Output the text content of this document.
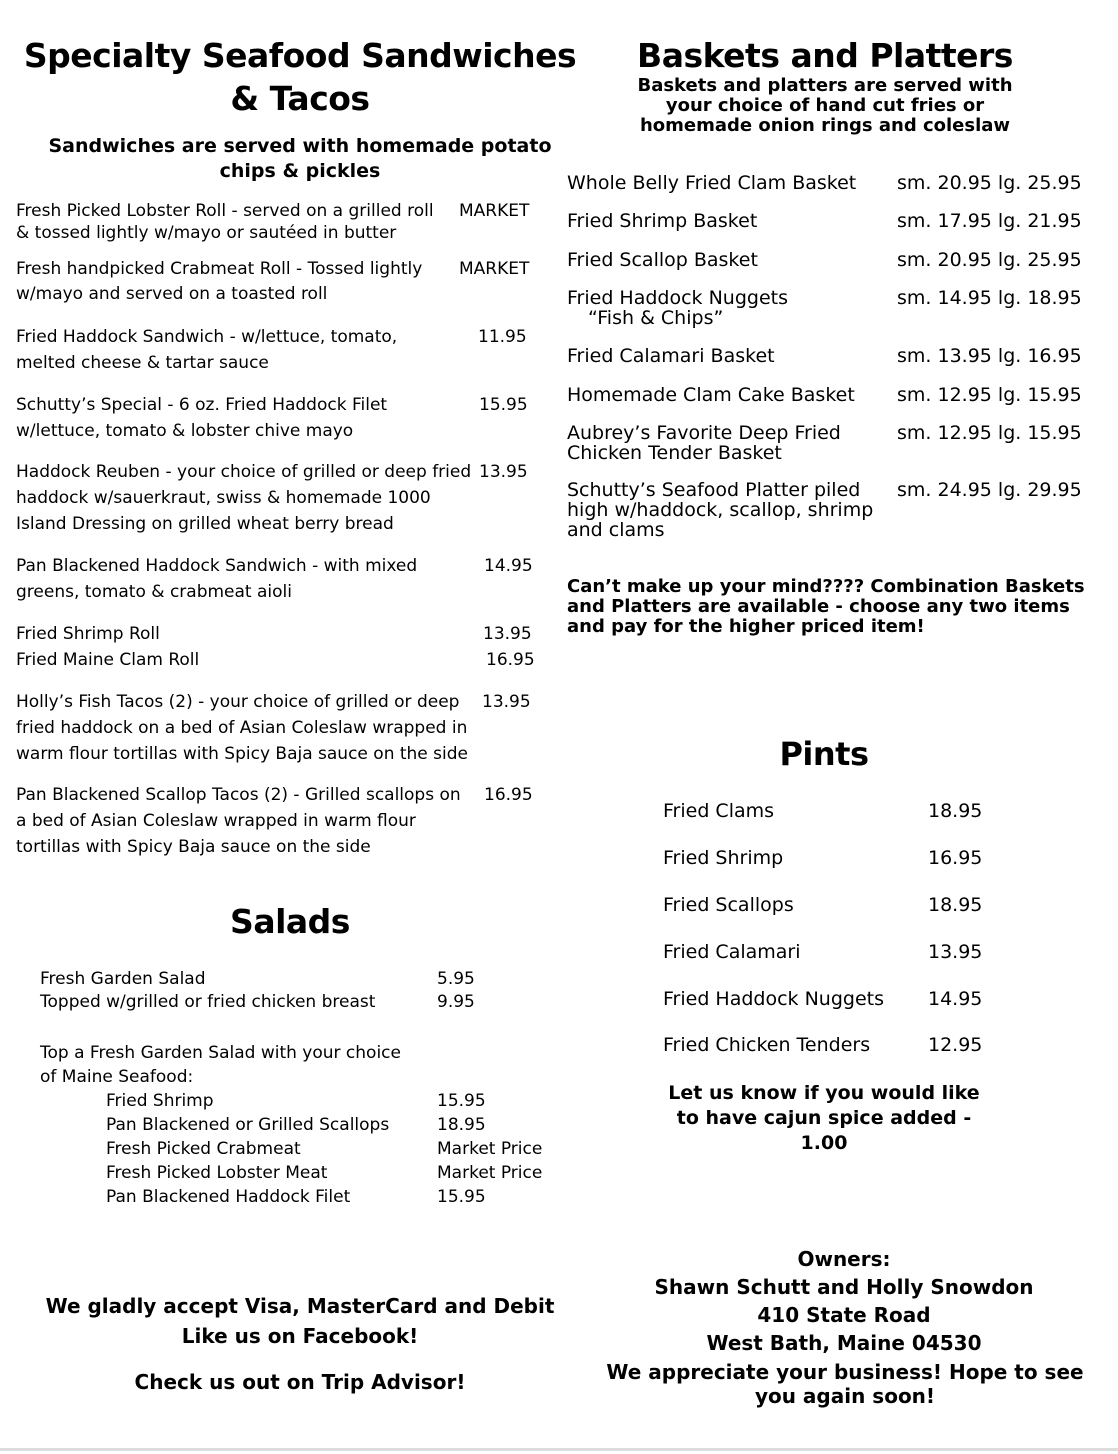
Specialty Seafood Sandwiches & Tacos
Sandwiches are served with homemade potato chips & pickles
Fresh Picked Lobster Roll - served on a grilled roll & tossed lightly w/mayo or sautéed in butter
MARKET
Fresh handpicked Crabmeat Roll - Tossed lightly w/mayo and served on a toasted roll
MARKET
Fried Haddock Sandwich - w/lettuce, tomato, melted cheese & tartar sauce
11.95
Schutty’s Special - 6 oz. Fried Haddock Filet w/lettuce, tomato & lobster chive mayo
15.95
Haddock Reuben - your choice of grilled or deep fried haddock w/sauerkraut, swiss & homemade 1000 Island Dressing on grilled wheat berry bread
13.95
Pan Blackened Haddock Sandwich - with mixed greens, tomato & crabmeat aioli
14.95
Fried Shrimp Roll	13.95
Fried Maine Clam Roll	16.95
Holly’s Fish Tacos (2) - your choice of grilled or deep fried haddock on a bed of Asian Coleslaw wrapped in warm flour tortillas with Spicy Baja sauce on the side
13.95
Pan Blackened Scallop Tacos (2) - Grilled scallops on a bed of Asian Coleslaw wrapped in warm flour tortillas with Spicy Baja sauce on the side
16.95
Salads
Fresh Garden Salad	5.95
Topped w/grilled or fried chicken breast	9.95
Top a Fresh Garden Salad with your choice of Maine Seafood:
Fried Shrimp	15.95
Pan Blackened or Grilled Scallops	18.95
Fresh Picked Crabmeat	Market Price
Fresh Picked Lobster Meat	Market Price
Pan Blackened Haddock Filet	15.95
We gladly accept Visa, MasterCard and Debit
Like us on Facebook!
Check us out on Trip Advisor!
Baskets and Platters
Baskets and platters are served with your choice of hand cut fries or homemade onion rings and coleslaw
Whole Belly Fried Clam Basket	sm. 20.95 lg. 25.95
Fried Shrimp Basket	sm. 17.95 lg. 21.95
Fried Scallop Basket	sm. 20.95 lg. 25.95
Fried Haddock Nuggets
“Fish & Chips”
sm. 14.95 lg. 18.95
Fried Calamari Basket	sm. 13.95 lg. 16.95
Homemade Clam Cake Basket	sm. 12.95 lg. 15.95
Aubrey’s Favorite Deep Fried Chicken Tender Basket
sm. 12.95 lg. 15.95
Schutty’s Seafood Platter piled high w/haddock, scallop, shrimp and clams
sm. 24.95 lg. 29.95
Can’t make up your mind???? Combination Baskets and Platters are available - choose any two items and pay for the higher priced item!
Pints
Fried Clams	18.95
Fried Shrimp	16.95
Fried Scallops	18.95
Fried Calamari	13.95
Fried Haddock Nuggets	14.95
Fried Chicken Tenders	12.95
Let us know if you would like to have cajun spice added - 1.00
Owners:
Shawn Schutt and Holly Snowdon
410 State Road
West Bath, Maine 04530
We appreciate your business! Hope to see you again soon!
